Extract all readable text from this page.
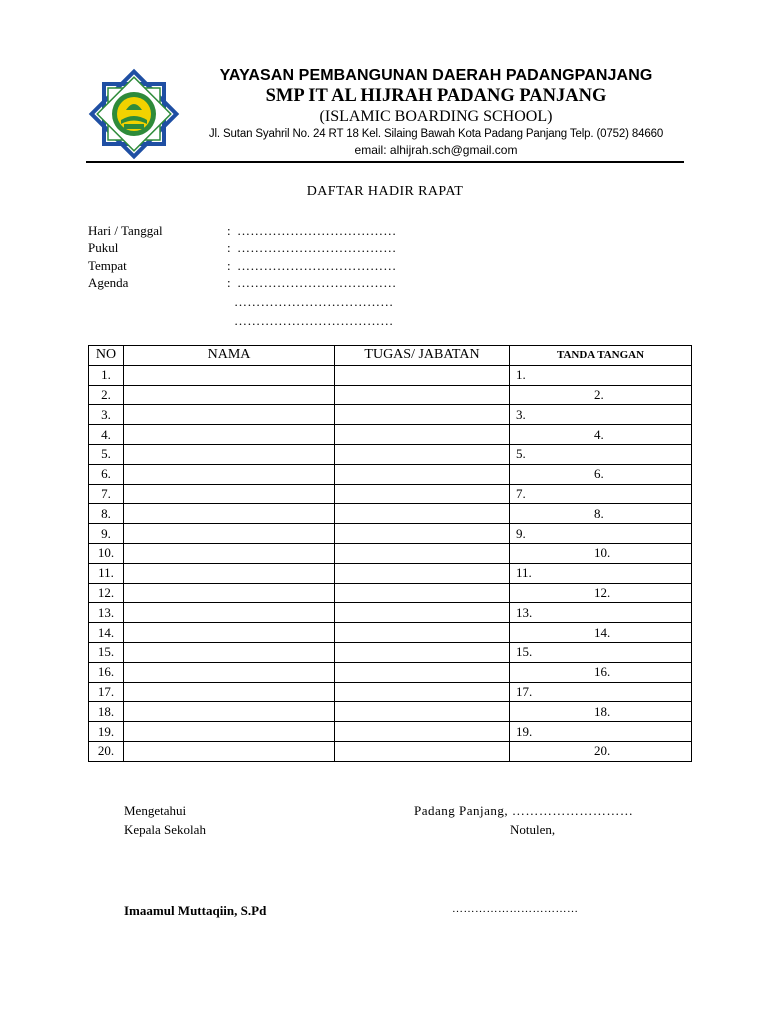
YAYASAN PEMBANGUNAN DAERAH PADANGPANJANG
SMP IT AL HIJRAH PADANG PANJANG
(ISLAMIC BOARDING SCHOOL)
Jl. Sutan Syahril No. 24 RT 18 Kel. Silaing Bawah Kota Padang Panjang Telp. (0752) 84660
email: alhijrah.sch@gmail.com
DAFTAR HADIR RAPAT
Hari / Tanggal	: ………………………………
Pukul	: ………………………………
Tempat	: ………………………………
Agenda	: ………………………………
………………………………
………………………………
NO	NAMA	TUGAS/ JABATAN	TANDA TANGAN
1.			1.
2.			2.
3.			3.
4.			4.
5.			5.
6.			6.
7.			7.
8.			8.
9.			9.
10.			10.
11.			11.
12.			12.
13.			13.
14.			14.
15.			15.
16.			16.
17.			17.
18.			18.
19.			19.
20.			20.
Mengetahui
Kepala Sekolah
Padang Panjang, ………………………
Notulen,
Imaamul Muttaqiin, S.Pd	……………………………
